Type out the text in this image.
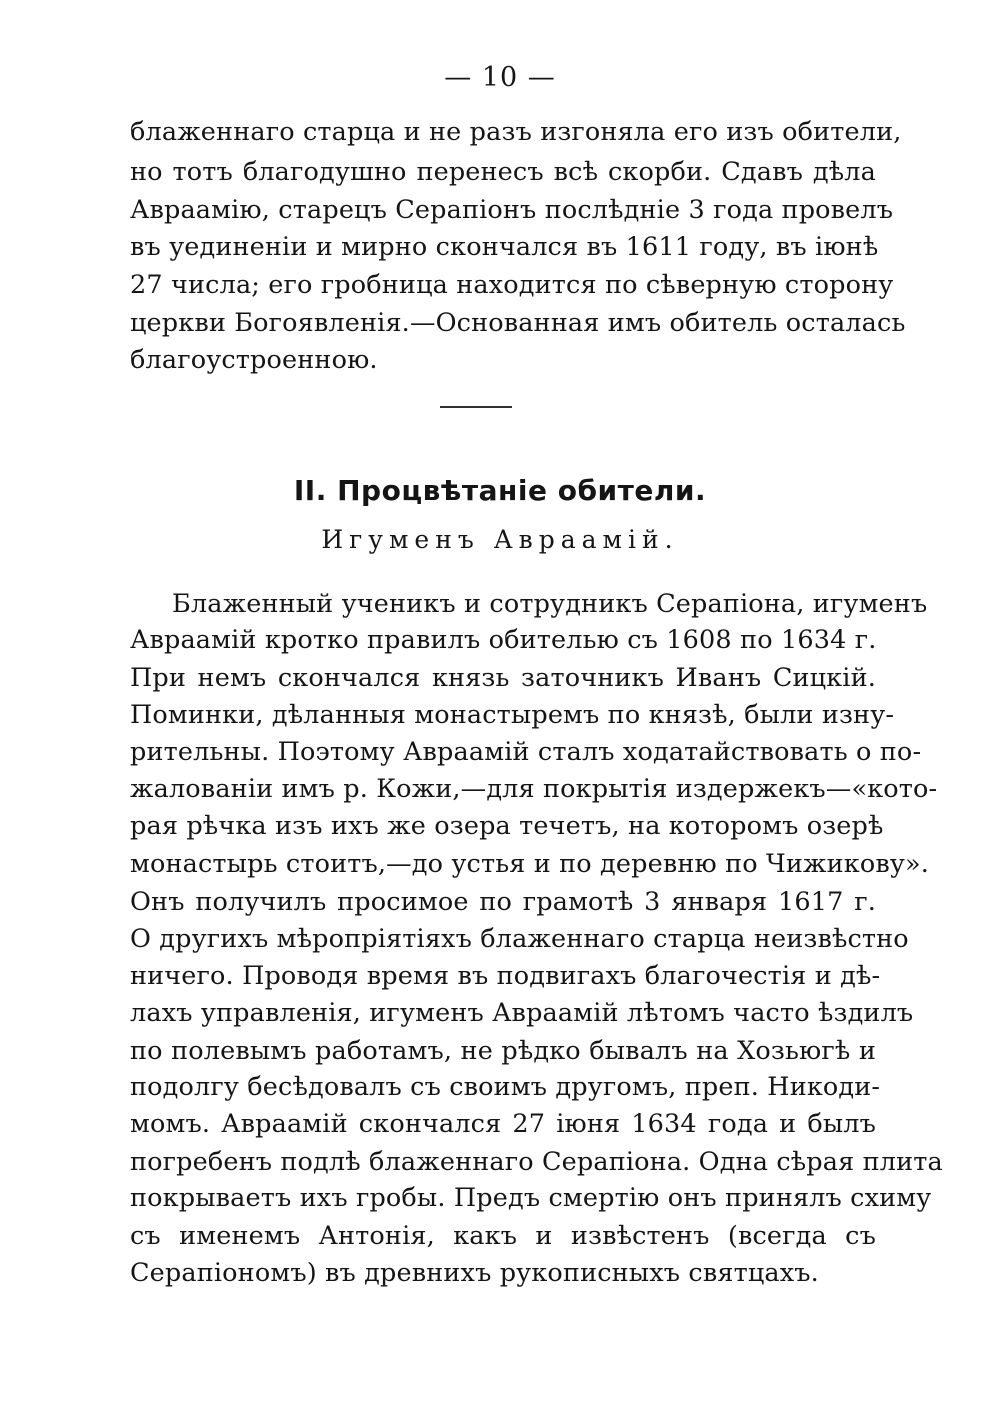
— 10 —
блаженнаго старца и не разъ изгоняла его изъ обители,
но тотъ благодушно перенесъ всѣ скорби. Сдавъ дѣла
Авраамію, старецъ Серапіонъ послѣдніе 3 года провелъ
въ уединеніи и мирно скончался въ 1611 году, въ іюнѣ
27 числа; его гробница находится по сѣверную сторону
церкви Богоявленія.—Основанная имъ обитель осталась
благоустроенною.
II. Процвѣтаніе обители.
Игуменъ Авраамій.
Блаженный ученикъ и сотрудникъ Серапіона, игуменъ
Авраамій кротко правилъ обителью съ 1608 по 1634 г.
При немъ скончался князь заточникъ Иванъ Сицкій.
Поминки, дѣланныя монастыремъ по князѣ, были изну-
рительны. Поэтому Авраамій сталъ ходатайствовать о по-
жалованіи имъ р. Кожи,—для покрытія издержекъ—«кото-
рая рѣчка изъ ихъ же озера течетъ, на которомъ озерѣ
монастырь стоитъ,—до устья и по деревню по Чижикову».
Онъ получилъ просимое по грамотѣ 3 января 1617 г.
О другихъ мѣропріятіяхъ блаженнаго старца неизвѣстно
ничего. Проводя время въ подвигахъ благочестія и дѣ-
лахъ управленія, игуменъ Авраамій лѣтомъ часто ѣздилъ
по полевымъ работамъ, не рѣдко бывалъ на Хозьюгѣ и
подолгу бесѣдовалъ съ своимъ другомъ, преп. Никоди-
момъ. Авраамій скончался 27 іюня 1634 года и былъ
погребенъ подлѣ блаженнаго Серапіона. Одна сѣрая плита
покрываетъ ихъ гробы. Предъ смертію онъ принялъ схиму
съ именемъ Антонія, какъ и извѣстенъ (всегда съ
Серапіономъ) въ древнихъ рукописныхъ святцахъ.
